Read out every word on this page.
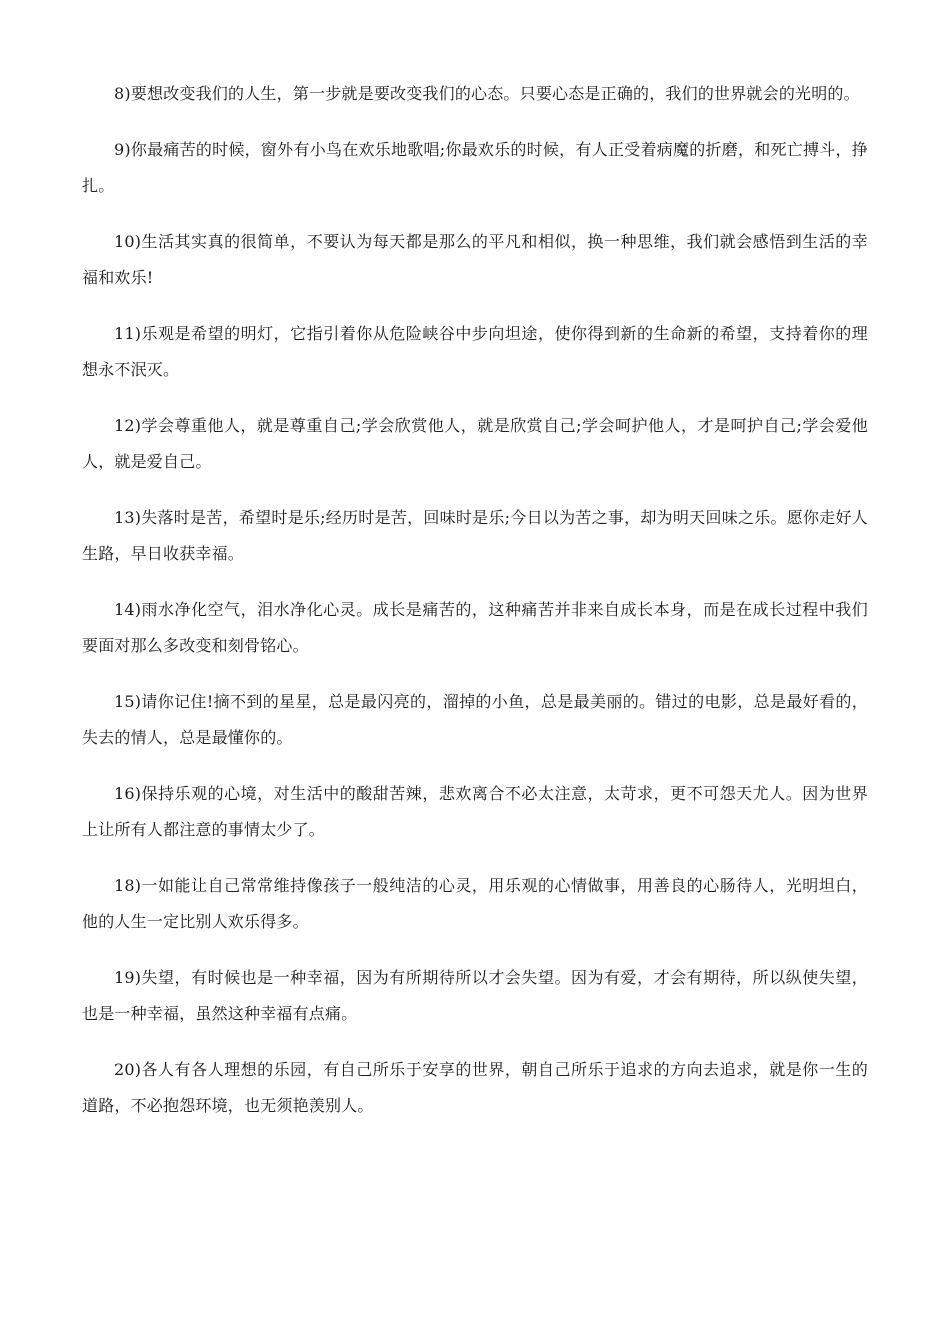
8)要想改变我们的人生，第一步就是要改变我们的心态。只要心态是正确的，我们的世界就会的光明的。

9)你最痛苦的时候，窗外有小鸟在欢乐地歌唱;你最欢乐的时候，有人正受着病魔的折磨，和死亡搏斗，挣扎。

10)生活其实真的很简单，不要认为每天都是那么的平凡和相似，换一种思维，我们就会感悟到生活的幸福和欢乐!

11)乐观是希望的明灯，它指引着你从危险峡谷中步向坦途，使你得到新的生命新的希望，支持着你的理想永不泯灭。

12)学会尊重他人，就是尊重自己;学会欣赏他人，就是欣赏自己;学会呵护他人，才是呵护自己;学会爱他人，就是爱自己。

13)失落时是苦，希望时是乐;经历时是苦，回味时是乐;今日以为苦之事，却为明天回味之乐。愿你走好人生路，早日收获幸福。

14)雨水净化空气，泪水净化心灵。成长是痛苦的，这种痛苦并非来自成长本身，而是在成长过程中我们要面对那么多改变和刻骨铭心。

15)请你记住!摘不到的星星，总是最闪亮的，溜掉的小鱼，总是最美丽的。错过的电影，总是最好看的，失去的情人，总是最懂你的。

16)保持乐观的心境，对生活中的酸甜苦辣，悲欢离合不必太注意，太苛求，更不可怨天尤人。因为世界上让所有人都注意的事情太少了。

18)一如能让自己常常维持像孩子一般纯洁的心灵，用乐观的心情做事，用善良的心肠待人，光明坦白，他的人生一定比别人欢乐得多。

19)失望，有时候也是一种幸福，因为有所期待所以才会失望。因为有爱，才会有期待，所以纵使失望，也是一种幸福，虽然这种幸福有点痛。

20)各人有各人理想的乐园，有自己所乐于安享的世界，朝自己所乐于追求的方向去追求，就是你一生的道路，不必抱怨环境，也无须艳羡别人。
